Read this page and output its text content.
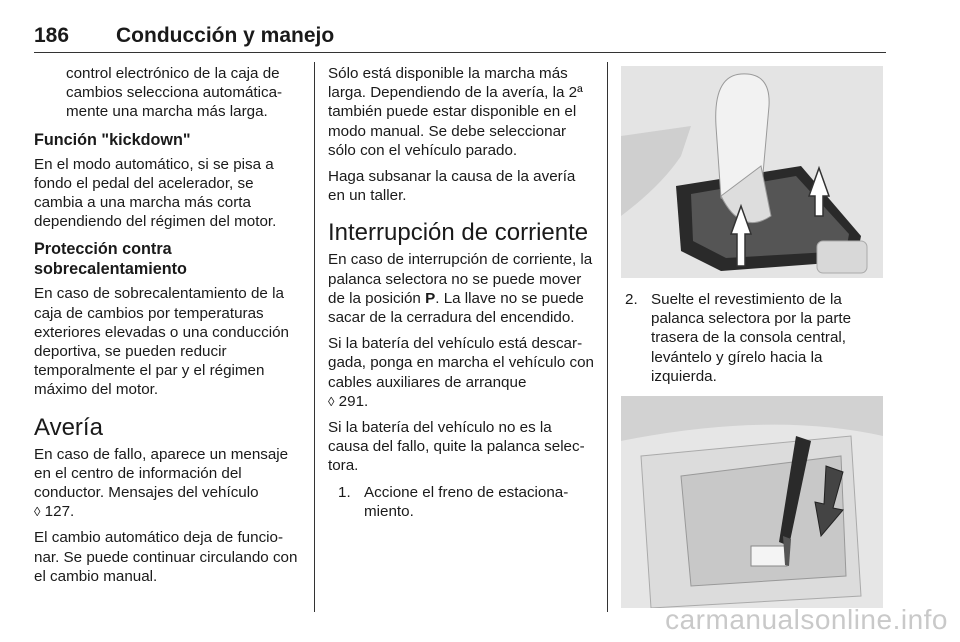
186 Conducción y manejo

control electrónico de la caja de cambios selecciona automáticamente una marcha más larga.

Función "kickdown"

En el modo automático, si se pisa a fondo el pedal del acelerador, se cambia a una marcha más corta dependiendo del régimen del motor.

Protección contra
sobrecalentamiento

En caso de sobrecalentamiento de la caja de cambios por temperaturas exteriores elevadas o una conducción deportiva, se pueden reducir temporalmente el par y el régimen máximo del motor.

Avería

En caso de fallo, aparece un mensaje en el centro de información del conductor. Mensajes del vehículo
◊ 127.

El cambio automático deja de funcionar. Se puede continuar circulando con el cambio manual.

Sólo está disponible la marcha más larga. Dependiendo de la avería, la 2ª también puede estar disponible en el modo manual. Se debe seleccionar sólo con el vehículo parado.

Haga subsanar la causa de la avería en un taller.

Interrupción de corriente

En caso de interrupción de corriente, la palanca selectora no se puede mover de la posición P. La llave no se puede sacar de la cerradura del encendido.

Si la batería del vehículo está descargada, ponga en marcha el vehículo con cables auxiliares de arranque
◊ 291.

Si la batería del vehículo no es la causa del fallo, quite la palanca selectora.

1. Accione el freno de estacionamiento.
2. Suelte el revestimiento de la palanca selectora por la parte trasera de la consola central, levántelo y gírelo hacia la izquierda.
carmanualsonline.info
